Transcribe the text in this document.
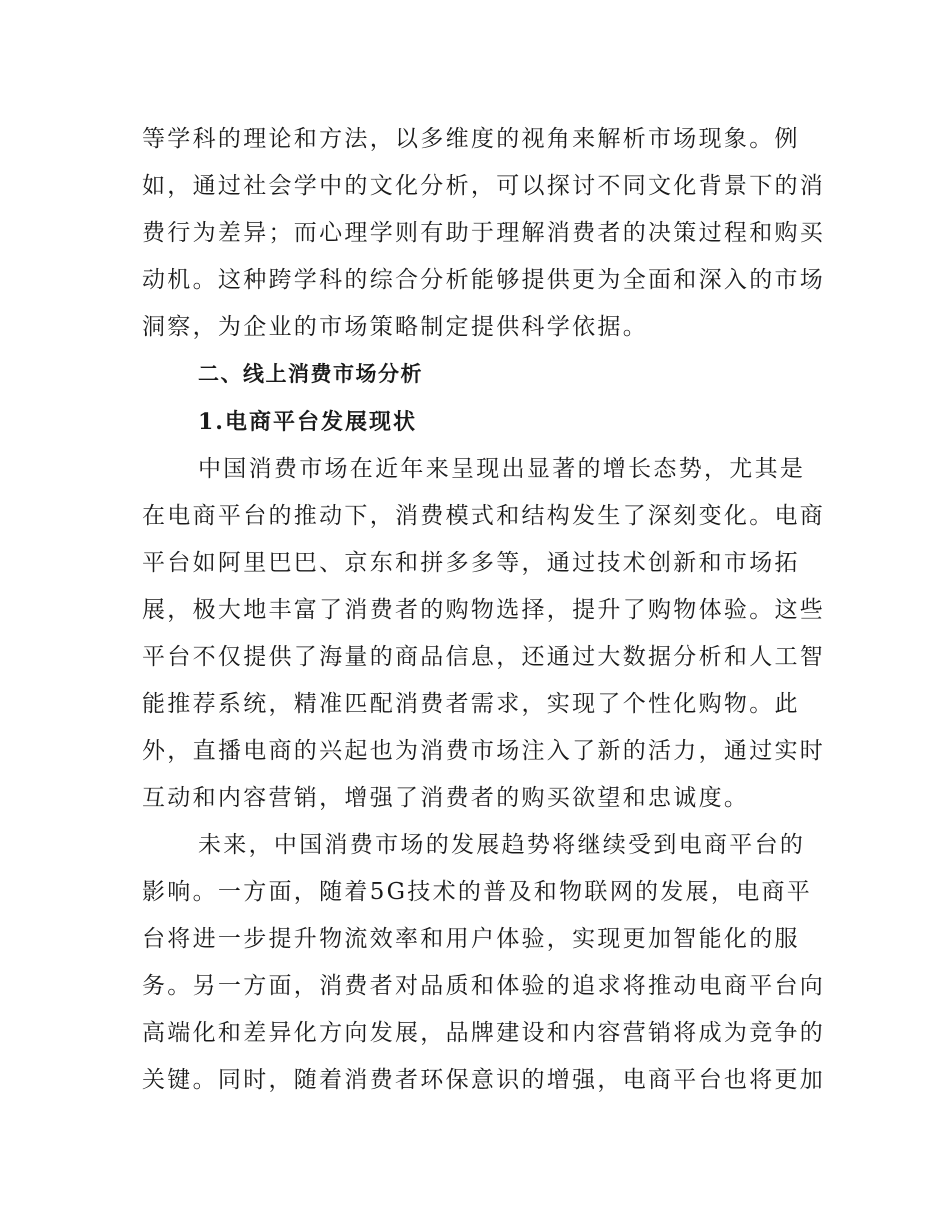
等学科的理论和方法，以多维度的视角来解析市场现象。例

如，通过社会学中的文化分析，可以探讨不同文化背景下的消

费行为差异；而心理学则有助于理解消费者的决策过程和购买

动机。这种跨学科的综合分析能够提供更为全面和深入的市场

洞察，为企业的市场策略制定提供科学依据。

二、线上消费市场分析
1.电商平台发展现状

中国消费市场在近年来呈现出显著的增长态势，尤其是

在电商平台的推动下，消费模式和结构发生了深刻变化。电商

平台如阿里巴巴、京东和拼多多等，通过技术创新和市场拓

展，极大地丰富了消费者的购物选择，提升了购物体验。这些

平台不仅提供了海量的商品信息，还通过大数据分析和人工智

能推荐系统，精准匹配消费者需求，实现了个性化购物。此

外，直播电商的兴起也为消费市场注入了新的活力，通过实时

互动和内容营销，增强了消费者的购买欲望和忠诚度。

未来，中国消费市场的发展趋势将继续受到电商平台的

影响。一方面，随着5G技术的普及和物联网的发展，电商平

台将进一步提升物流效率和用户体验，实现更加智能化的服

务。另一方面，消费者对品质和体验的追求将推动电商平台向

高端化和差异化方向发展，品牌建设和内容营销将成为竞争的

关键。同时，随着消费者环保意识的增强，电商平台也将更加
